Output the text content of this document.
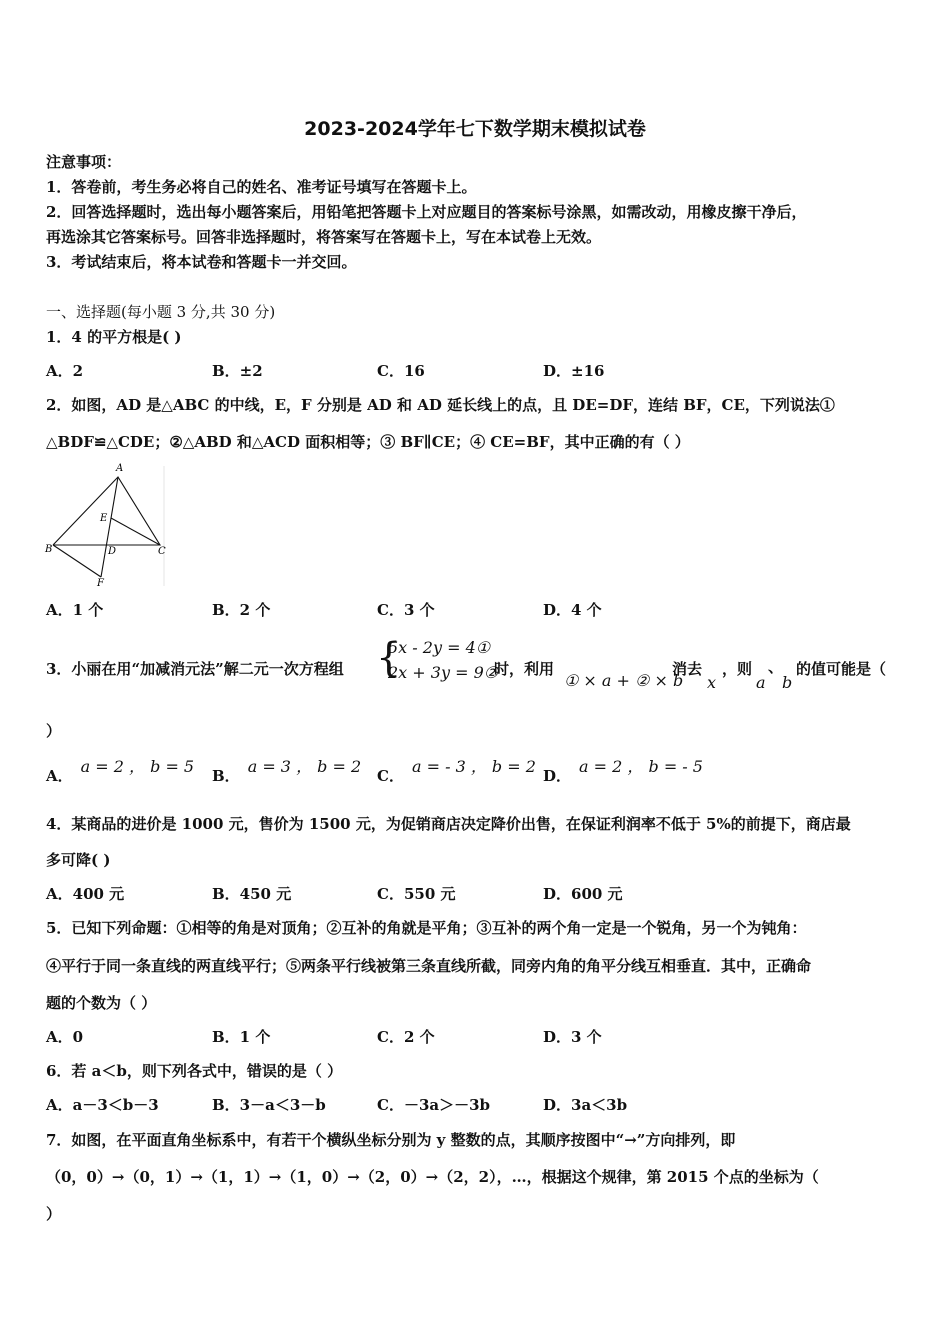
2023-2024学年七下数学期末模拟试卷
注意事项：
1．答卷前，考生务必将自己的姓名、准考证号填写在答题卡上。
2．回答选择题时，选出每小题答案后，用铅笔把答题卡上对应题目的答案标号涂黑，如需改动，用橡皮擦干净后，
再选涂其它答案标号。回答非选择题时，将答案写在答题卡上，写在本试卷上无效。
3．考试结束后，将本试卷和答题卡一并交回。
一、选择题(每小题 3 分,共 30 分)
1．4 的平方根是( )
A．2	B．±2	C．16	D．±16
2．如图，AD 是△ABC 的中线，E，F 分别是 AD 和 AD 延长线上的点，且 DE=DF，连结 BF，CE，下列说法①
△BDF≌△CDE；②△ABD 和△ACD 面积相等；③ BF∥CE；④ CE=BF，其中正确的有（ ）
A
E
B	D	C
F
A．1 个	B．2 个	C．3 个	D．4 个
3．小丽在用“加减消元法”解二元一次方程组 {
5x - 2y = 4①
2x + 3y = 9②
时，利用
① × a + ② × b
消去
x
，则
a
、
b
的值可能是（
）
A． a = 2 ， b = 5 B． a = 3 ， b = 2 C． a = - 3 ， b = 2 D． a = 2 ， b = - 5
4．某商品的进价是 1000 元，售价为 1500 元，为促销商店决定降价出售，在保证利润率不低于 5%的前提下，商店最
多可降( )
A．400 元	B．450 元	C．550 元	D．600 元
5．已知下列命题：①相等的角是对顶角；②互补的角就是平角；③互补的两个角一定是一个锐角，另一个为钝角：
④平行于同一条直线的两直线平行；⑤两条平行线被第三条直线所截，同旁内角的角平分线互相垂直．其中，正确命
题的个数为（ ）
A．0	B．1 个	C．2 个	D．3 个
6．若 a＜b，则下列各式中，错误的是（ ）
A．a－3＜b－3	B．3－a＜3－b	C．－3a＞－3b	D．3a＜3b
7．如图，在平面直角坐标系中，有若干个横纵坐标分别为 y 整数的点，其顺序按图中“→”方向排列，即
（0，0）→（0，1）→（1，1）→（1，0）→（2，0）→（2，2），…，根据这个规律，第 2015 个点的坐标为（
）
